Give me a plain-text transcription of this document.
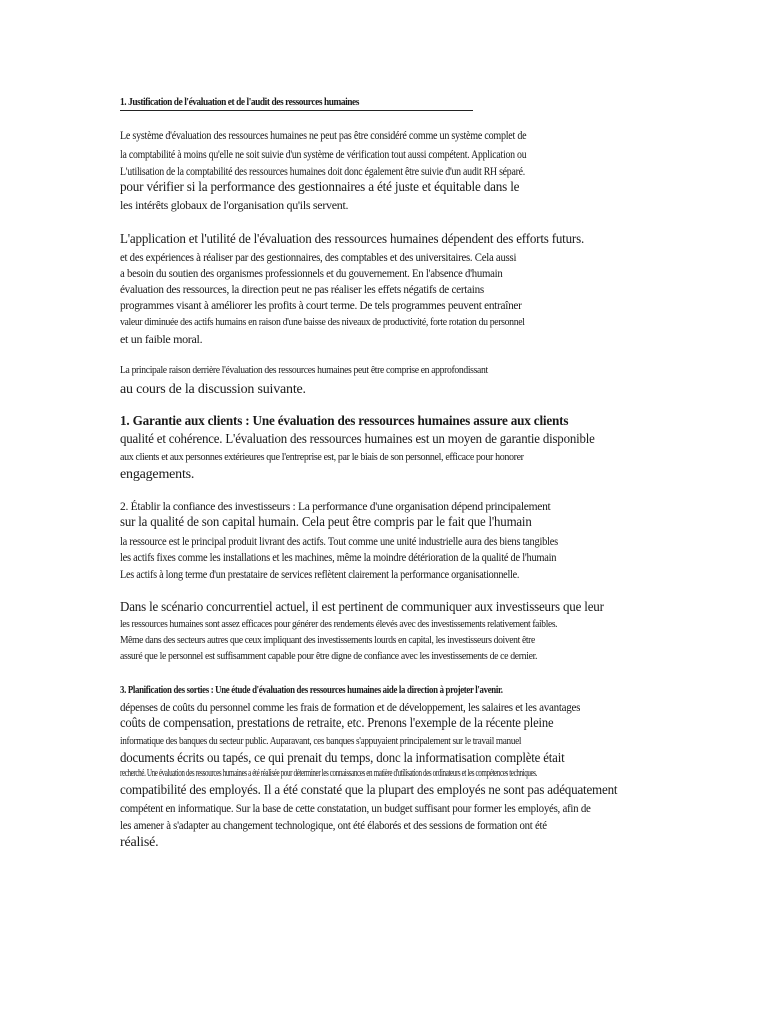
1. Justification de l'évaluation et de l'audit des ressources humaines
Le système d'évaluation des ressources humaines ne peut pas être considéré comme un système complet de
la comptabilité à moins qu'elle ne soit suivie d'un système de vérification tout aussi compétent. Application ou
L'utilisation de la comptabilité des ressources humaines doit donc également être suivie d'un audit RH séparé.
pour vérifier si la performance des gestionnaires a été juste et équitable dans le
les intérêts globaux de l'organisation qu'ils servent.
L'application et l'utilité de l'évaluation des ressources humaines dépendent des efforts futurs.
et des expériences à réaliser par des gestionnaires, des comptables et des universitaires. Cela aussi
a besoin du soutien des organismes professionnels et du gouvernement. En l'absence d'humain
évaluation des ressources, la direction peut ne pas réaliser les effets négatifs de certains
programmes visant à améliorer les profits à court terme. De tels programmes peuvent entraîner
valeur diminuée des actifs humains en raison d'une baisse des niveaux de productivité, forte rotation du personnel
et un faible moral.
La principale raison derrière l'évaluation des ressources humaines peut être comprise en approfondissant
au cours de la discussion suivante.
1. Garantie aux clients : Une évaluation des ressources humaines assure aux clients
qualité et cohérence. L'évaluation des ressources humaines est un moyen de garantie disponible
aux clients et aux personnes extérieures que l'entreprise est, par le biais de son personnel, efficace pour honorer
engagements.
2. Établir la confiance des investisseurs : La performance d'une organisation dépend principalement
sur la qualité de son capital humain. Cela peut être compris par le fait que l'humain
la ressource est le principal produit livrant des actifs. Tout comme une unité industrielle aura des biens tangibles
les actifs fixes comme les installations et les machines, même la moindre détérioration de la qualité de l'humain
Les actifs à long terme d'un prestataire de services reflètent clairement la performance organisationnelle.
Dans le scénario concurrentiel actuel, il est pertinent de communiquer aux investisseurs que leur
les ressources humaines sont assez efficaces pour générer des rendements élevés avec des investissements relativement faibles.
Même dans des secteurs autres que ceux impliquant des investissements lourds en capital, les investisseurs doivent être
assuré que le personnel est suffisamment capable pour être digne de confiance avec les investissements de ce dernier.
3. Planification des sorties : Une étude d'évaluation des ressources humaines aide la direction à projeter l'avenir.
dépenses de coûts du personnel comme les frais de formation et de développement, les salaires et les avantages
coûts de compensation, prestations de retraite, etc. Prenons l'exemple de la récente pleine
informatique des banques du secteur public. Auparavant, ces banques s'appuyaient principalement sur le travail manuel
documents écrits ou tapés, ce qui prenait du temps, donc la informatisation complète était
recherché. Une évaluation des ressources humaines a été réalisée pour déterminer les connaissances en matière d'utilisation des ordinateurs et les compétences techniques.
compatibilité des employés. Il a été constaté que la plupart des employés ne sont pas adéquatement
compétent en informatique. Sur la base de cette constatation, un budget suffisant pour former les employés, afin de
les amener à s'adapter au changement technologique, ont été élaborés et des sessions de formation ont été
réalisé.
